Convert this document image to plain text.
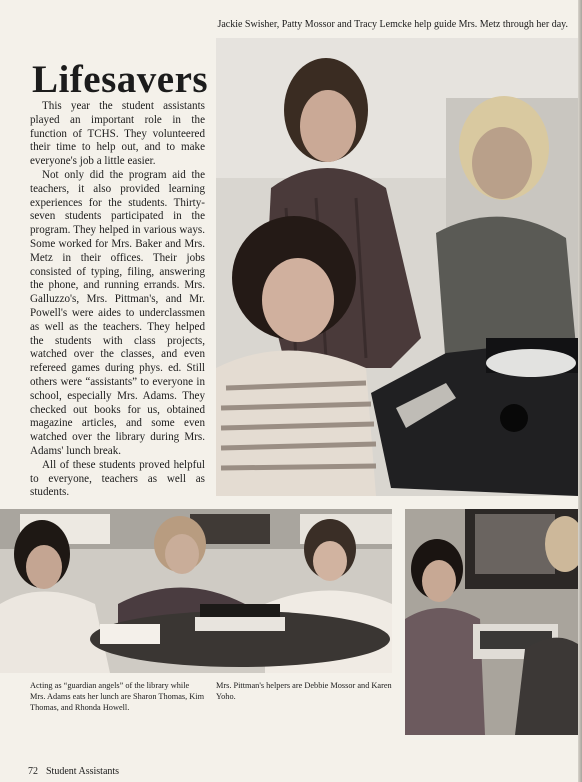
Jackie Swisher, Patty Mossor and Tracy Lemcke help guide Mrs. Metz through her day.
Lifesavers

This year the student assistants played an important role in the function of TCHS. They volunteered their time to help out, and to make everyone's job a little easier.

Not only did the program aid the teachers, it also provided learning experiences for the students. Thirty-seven students participated in the program. They helped in various ways. Some worked for Mrs. Baker and Mrs. Metz in their offices. Their jobs consisted of typing, filing, answering the phone, and running errands. Mrs. Galluzzo's, Mrs. Pittman's, and Mr. Powell's were aides to underclassmen as well as the teachers. They helped the students with class projects, watched over the classes, and even refereed games during phys. ed. Still others were “assistants” to everyone in school, especially Mrs. Adams. They checked out books for us, obtained magazine articles, and some even watched over the library during Mrs. Adams' lunch break.

All of these students proved helpful to everyone, teachers as well as students.

Acting as “guardian angels” of the library while Mrs. Adams eats her lunch are Sharon Thomas, Kim Thomas, and Rhonda Howell.
Mrs. Pittman's helpers are Debbie Mossor and Karen Yoho.
72 Student Assistants
